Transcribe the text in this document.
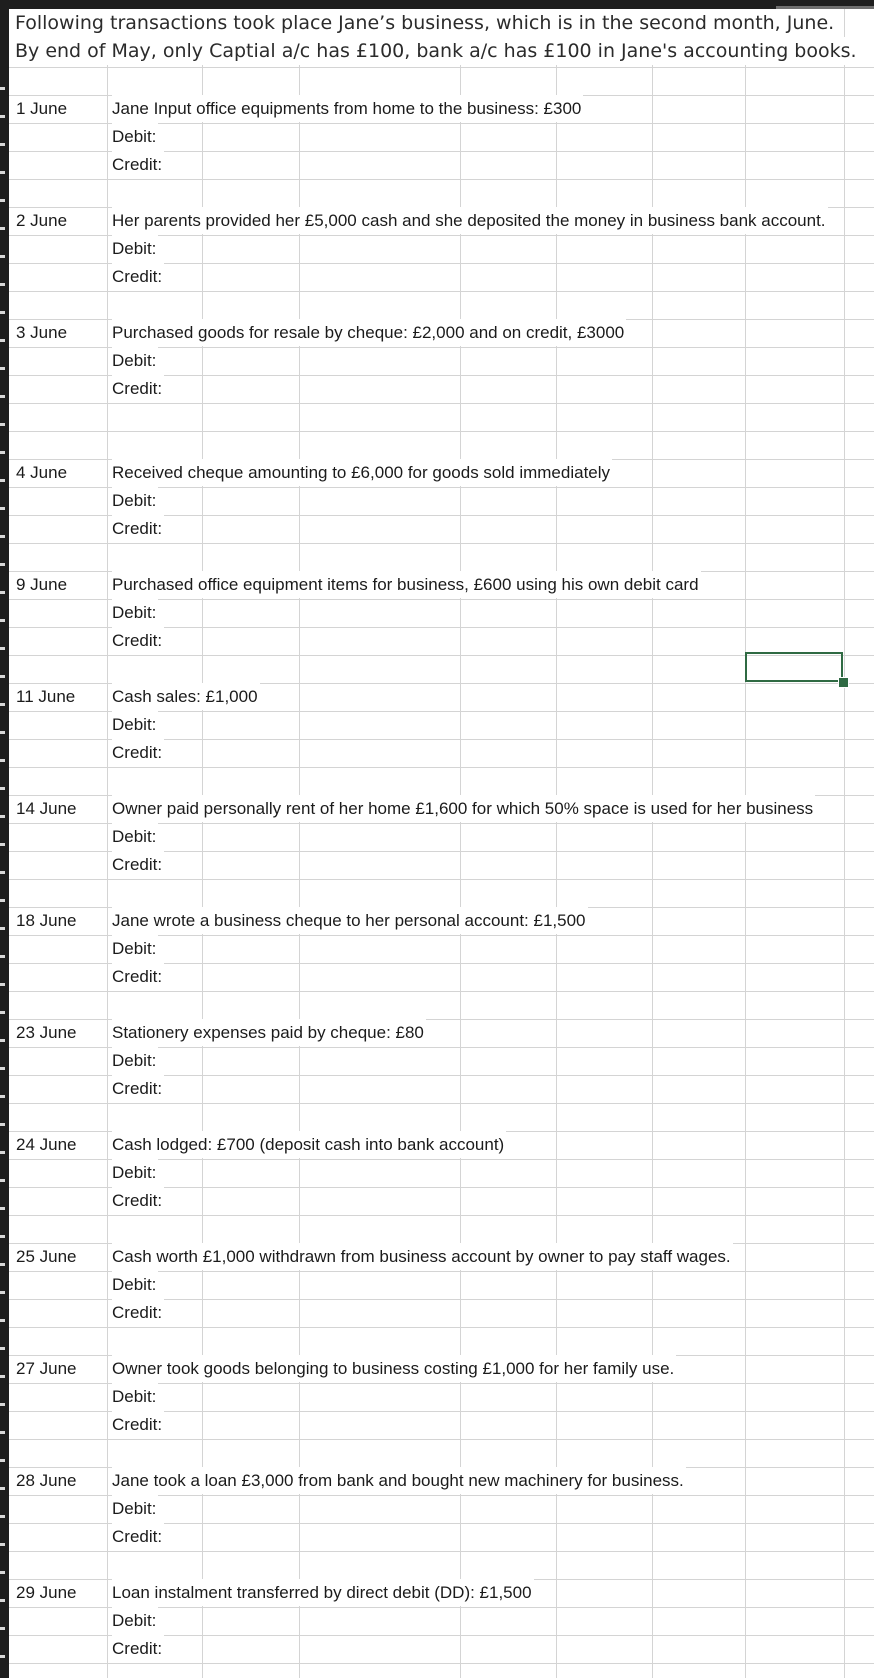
Following transactions took place Jane’s business, which is in the second month, June.
By end of May, only Captial a/c has £100, bank a/c has £100 in Jane's accounting books.
1 June	Jane Input office equipments from home to the business: £300
Debit:
Credit:
2 June	Her parents provided her £5,000 cash and she deposited the money in business bank account.
Debit:
Credit:
3 June	Purchased goods for resale by cheque: £2,000 and on credit, £3000
Debit:
Credit:
4 June	Received cheque amounting to £6,000 for goods sold immediately
Debit:
Credit:
9 June	Purchased office equipment items for business, £600 using his own debit card
Debit:
Credit:
11 June Cash sales: £1,000
Debit:
Credit:
14 June Owner paid personally rent of her home £1,600 for which 50% space is used for her business
Debit:
Credit:
18 June Jane wrote a business cheque to her personal account: £1,500
Debit:
Credit:
23 June Stationery expenses paid by cheque: £80
Debit:
Credit:
24 June Cash lodged: £700 (deposit cash into bank account)
Debit:
Credit:
25 June Cash worth £1,000 withdrawn from business account by owner to pay staff wages.
Debit:
Credit:
27 June Owner took goods belonging to business costing £1,000 for her family use.
Debit:
Credit:
28 June Jane took a loan £3,000 from bank and bought new machinery for business.
Debit:
Credit:
29 June Loan instalment transferred by direct debit (DD): £1,500
Debit:
Credit:
